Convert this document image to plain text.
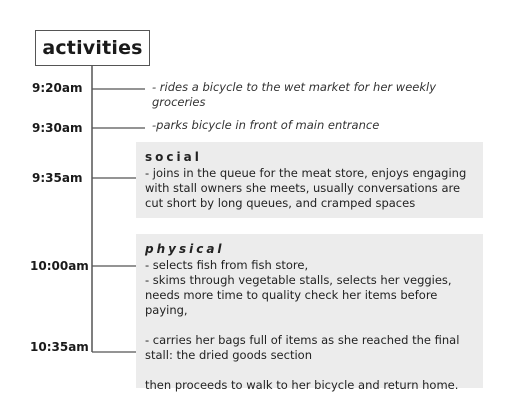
activities
9:20am
9:30am
9:35am
10:00am
10:35am
- rides a bicycle to the wet market for her weekly groceries
-parks bicycle in front of main entrance
social
- joins in the queue for the meat store, enjoys engaging with stall owners she meets, usually conversations are cut short by long queues, and cramped spaces
physical
- selects fish from fish store,
- skims through vegetable stalls, selects her veggies, needs more time to quality check her items before paying,
- carries her bags full of items as she reached the final stall: the dried goods section
then proceeds to walk to her bicycle and return home.
